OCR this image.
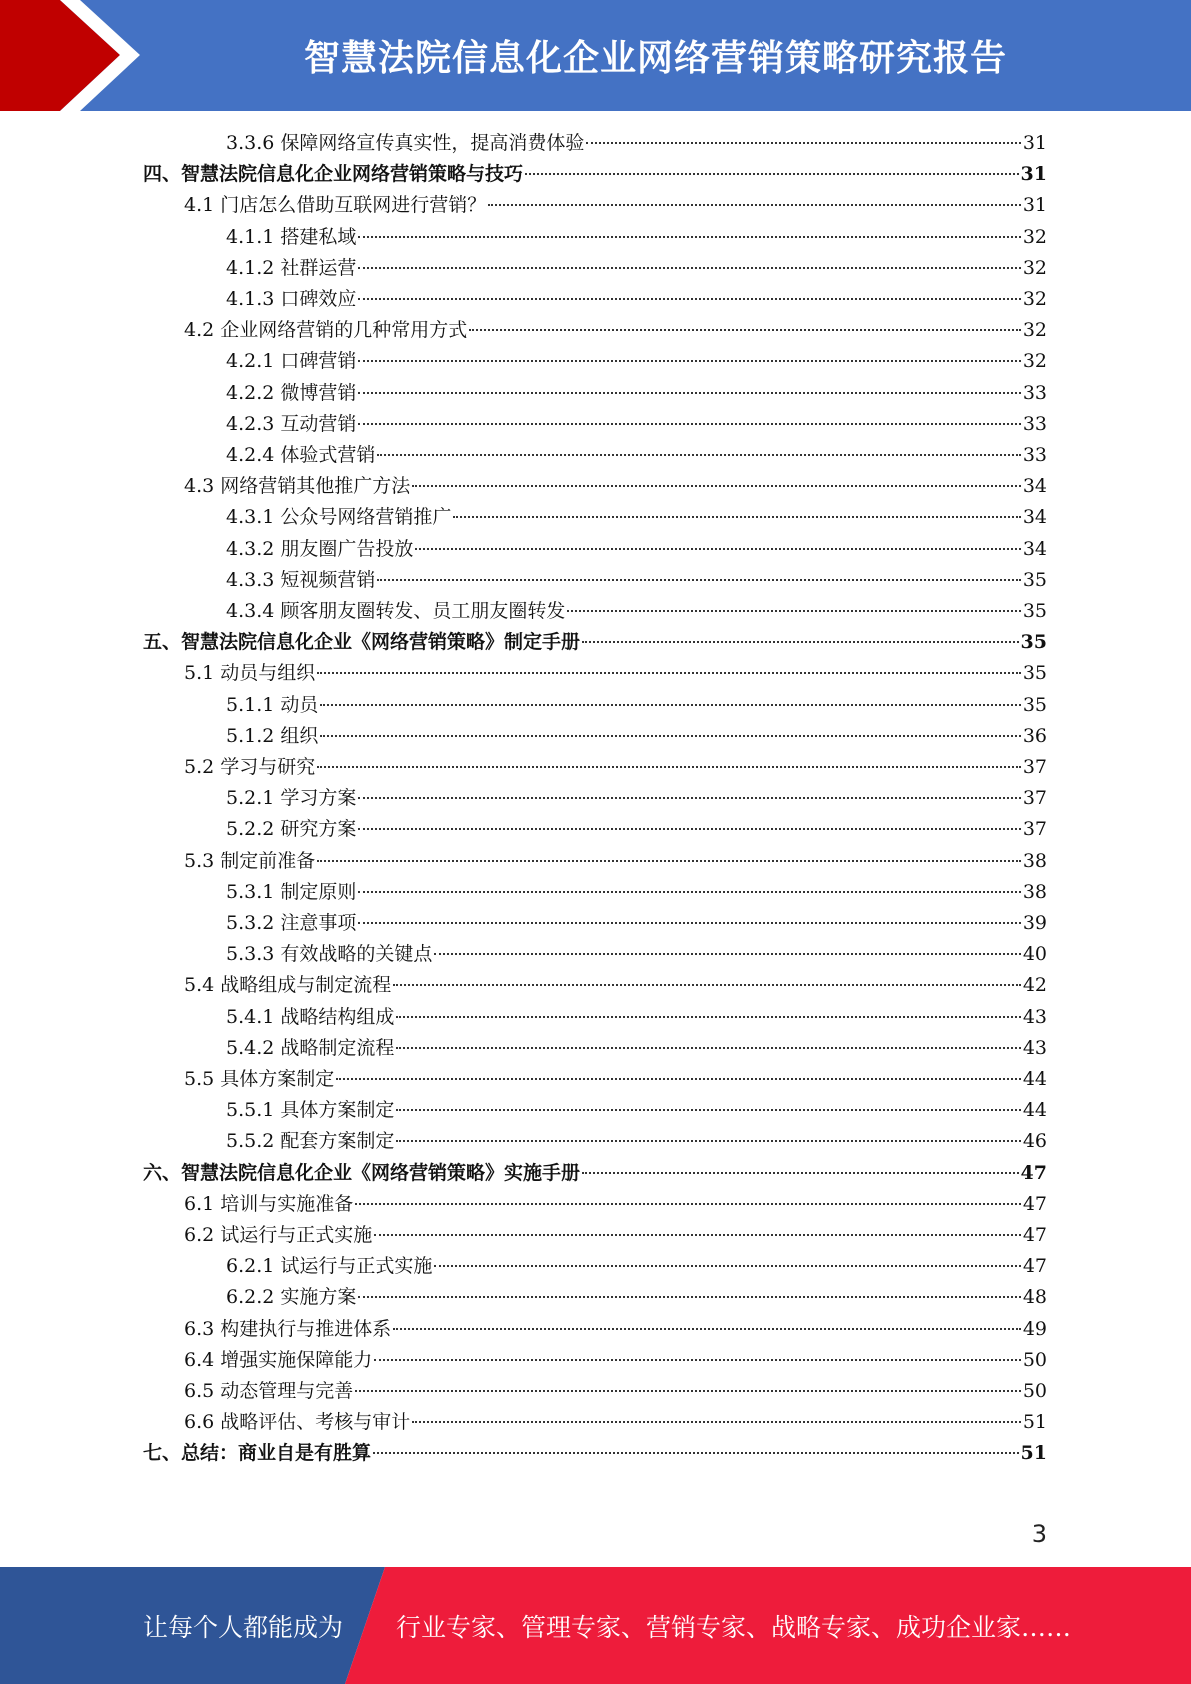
智慧法院信息化企业网络营销策略研究报告
3.3.6 保障网络宣传真实性，提高消费体验	31
四、智慧法院信息化企业网络营销策略与技巧	31
4.1 门店怎么借助互联网进行营销？	31
4.1.1 搭建私域	32
4.1.2 社群运营	32
4.1.3 口碑效应	32
4.2 企业网络营销的几种常用方式	32
4.2.1 口碑营销	32
4.2.2 微博营销	33
4.2.3 互动营销	33
4.2.4 体验式营销	33
4.3 网络营销其他推广方法	34
4.3.1 公众号网络营销推广	34
4.3.2 朋友圈广告投放	34
4.3.3 短视频营销	35
4.3.4 顾客朋友圈转发、员工朋友圈转发	35
五、智慧法院信息化企业《网络营销策略》制定手册	35
5.1 动员与组织	35
5.1.1 动员	35
5.1.2 组织	36
5.2 学习与研究	37
5.2.1 学习方案	37
5.2.2 研究方案	37
5.3 制定前准备	38
5.3.1 制定原则	38
5.3.2 注意事项	39
5.3.3 有效战略的关键点	40
5.4 战略组成与制定流程	42
5.4.1 战略结构组成	43
5.4.2 战略制定流程	43
5.5 具体方案制定	44
5.5.1 具体方案制定	44
5.5.2 配套方案制定	46
六、智慧法院信息化企业《网络营销策略》实施手册	47
6.1 培训与实施准备	47
6.2 试运行与正式实施	47
6.2.1 试运行与正式实施	47
6.2.2 实施方案	48
6.3 构建执行与推进体系	49
6.4 增强实施保障能力	50
6.5 动态管理与完善	50
6.6 战略评估、考核与审计	51
七、总结：商业自是有胜算	51
3
让每个人都能成为 行业专家、管理专家、营销专家、战略专家、成功企业家……
